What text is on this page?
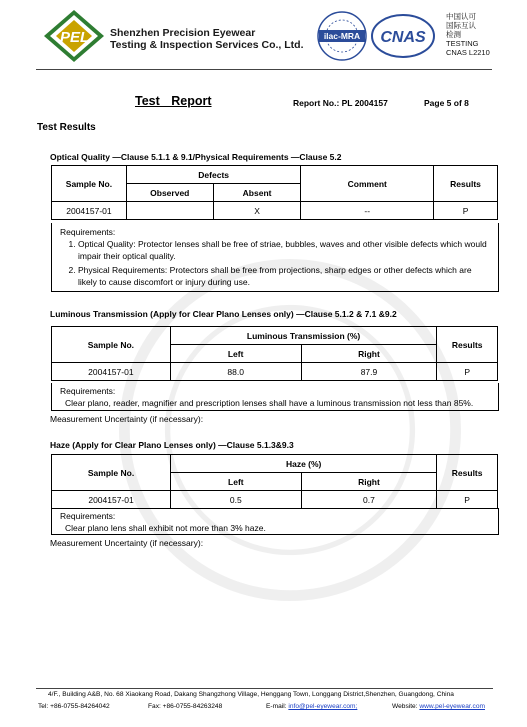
PEL Shenzhen Precision Eyewear
Testing & Inspection Services Co., Ltd.
ilac-MRA CNAS
中国认可
国际互认
检测
TESTING
CNAS L2210
Test Report	Report No.: PL 2004157	Page 5 of 8
Test Results
Optical Quality —Clause 5.1.1 & 9.1/Physical Requirements —Clause 5.2
Sample No.	Defects		Comment	Results
	Observed	Absent		
2004157-01		X	--	P
Requirements:
1. Optical Quality: Protector lenses shall be free of striae, bubbles, waves and other visible defects which would impair their optical quality.
2. Physical Requirements: Protectors shall be free from projections, sharp edges or other defects which are likely to cause discomfort or injury during use.
Luminous Transmission (Apply for Clear Plano Lenses only) —Clause 5.1.2 & 7.1 &9.2
Sample No.	Luminous Transmission (%)		Results
	Left	Right	
2004157-01	88.0	87.9	P
Requirements:
Clear plano, reader, magnifier and prescription lenses shall have a luminous transmission not less than 85%.
Measurement Uncertainty (if necessary):
Haze (Apply for Clear Plano Lenses only) —Clause 5.1.3&9.3
Sample No.	Haze (%)		Results
	Left	Right	
2004157-01	0.5	0.7	P
Requirements:
Clear plano lens shall exhibit not more than 3% haze.
Measurement Uncertainty (if necessary):
4/F., Building A&B, No. 68 Xiaokang Road, Dakang Shangzhong Village, Henggang Town, Longgang District,Shenzhen, Guangdong, China
Tel: +86-0755-84264042	Fax: +86-0755-84263248	E-mail: info@pel-eyewear.com;	Website: www.pel-eyewear.com
